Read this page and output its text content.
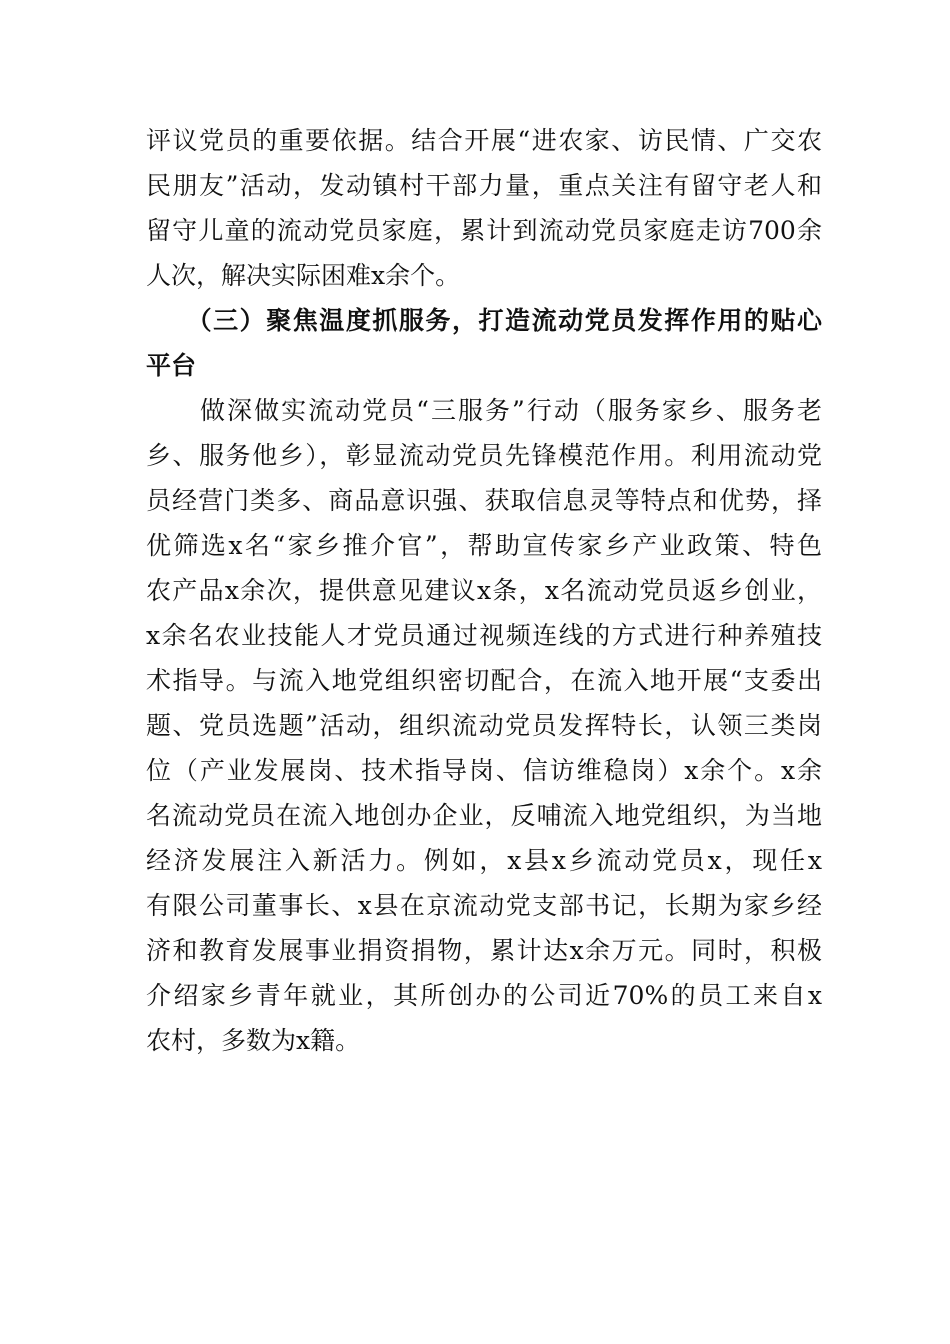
评议党员的重要依据。结合开展“进农家、访民情、广交农
民朋友”活动，发动镇村干部力量，重点关注有留守老人和
留守儿童的流动党员家庭，累计到流动党员家庭走访700余
人次，解决实际困难x余个。
　　（三）聚焦温度抓服务，打造流动党员发挥作用的贴心
平台
　　做深做实流动党员“三服务”行动（服务家乡、服务老
乡、服务他乡），彰显流动党员先锋模范作用。利用流动党
员经营门类多、商品意识强、获取信息灵等特点和优势，择
优筛选x名“家乡推介官”，帮助宣传家乡产业政策、特色
农产品x余次，提供意见建议x条，x名流动党员返乡创业，
x余名农业技能人才党员通过视频连线的方式进行种养殖技
术指导。与流入地党组织密切配合，在流入地开展“支委出
题、党员选题”活动，组织流动党员发挥特长，认领三类岗
位（产业发展岗、技术指导岗、信访维稳岗）x余个。x余
名流动党员在流入地创办企业，反哺流入地党组织，为当地
经济发展注入新活力。例如，x县x乡流动党员x，现任x
有限公司董事长、x县在京流动党支部书记，长期为家乡经
济和教育发展事业捐资捐物，累计达x余万元。同时，积极
介绍家乡青年就业，其所创办的公司近70%的员工来自x
农村，多数为x籍。
